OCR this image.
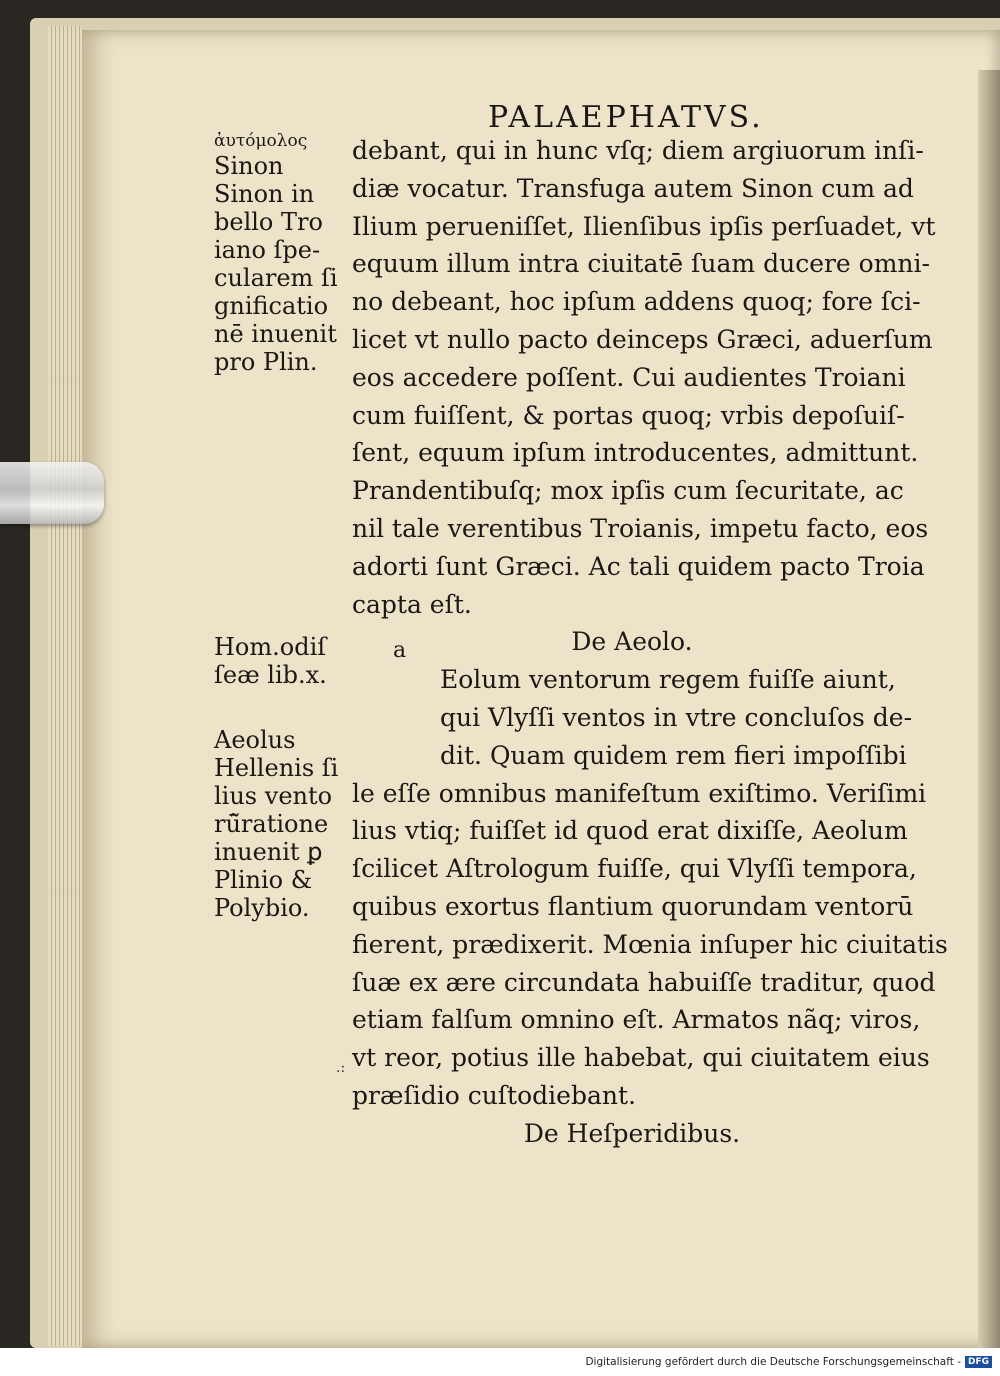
PALAEPHATVS.
ἀυτόμολος
Sinon
Sinon in
bello Tro
iano ſpe-
cularem ſi
gnificatio
nē inuenit
pro Plin.
Hom.odiſ
ſeæ lib.x.
Aeolus
Hellenis ſi
lius vento
rū̃ratione
inuenit ꝑ
Plinio &
Polybio.
a
debant, qui in hunc vſq; diem argiuorum inſi-
diæ vocatur. Transfuga autem Sinon cum ad
Ilium perueniſſet, Ilienſibus ipſis perſuadet, vt
equum illum intra ciuitatē ſuam ducere omni-
no debeant, hoc ipſum addens quoq; fore ſci-
licet vt nullo pacto deinceps Græci, aduerſum
eos accedere poſſent. Cui audientes Troiani
cum fuiſſent, & portas quoq; vrbis depoſuiſ-
ſent, equum ipſum introducentes, admittunt.
Prandentibuſq; mox ipſis cum ſecuritate, ac
nil tale verentibus Troianis, impetu facto, eos
adorti ſunt Græci. Ac tali quidem pacto Troia
capta eſt.
De Aeolo.
Eolum ventorum regem fuiſſe aiunt,
qui Vlyſſi ventos in vtre concluſos de-
dit. Quam quidem rem fieri impoſſibi
le eſſe omnibus manifeſtum exiſtimo. Veriſimi
lius vtiq; fuiſſet id quod erat dixiſſe, Aeolum
ſcilicet Aſtrologum fuiſſe, qui Vlyſſi tempora,
quibus exortus flantium quorundam ventorū
fierent, prædixerit. Mœnia inſuper hic ciuitatis
ſuæ ex ære circundata habuiſſe traditur, quod
etiam falſum omnino eſt. Armatos nãq; viros,
vt reor, potius ille habebat, qui ciuitatem eius
præſidio cuſtodiebant.
De Heſperidibus.
.:
Digitalisierung gefördert durch die Deutsche Forschungsgemeinschaft - DFG
